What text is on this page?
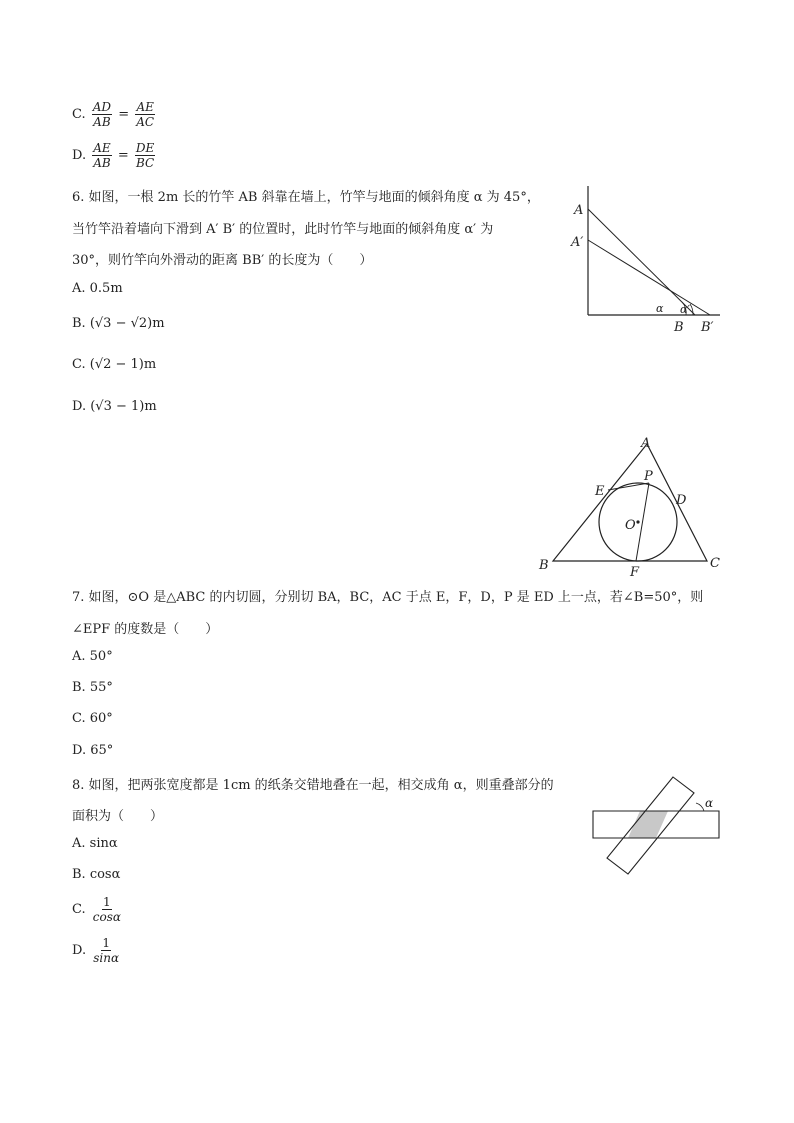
C. $\frac{AD}{AB} = \frac{AE}{AC}$
D. $\frac{AE}{AB} = \frac{DE}{BC}$
6. 如图，一根 2m 长的竹竿 AB 斜靠在墙上，竹竿与地面的倾斜角度 α 为 45°，
当竹竿沿着墙向下滑到 A′ B′ 的位置时，此时竹竿与地面的倾斜角度 α′ 为
30°，则竹竿向外滑动的距离 BB′ 的长度为（　　）
A. 0.5m
B. (√3 − √2)m
C. (√2 − 1)m
D. (√3 − 1)m
A
A′
α α′
B B′
A
B	C
D
E
F
P
O
7. 如图，⊙O 是△ABC 的内切圆，分别切 BA，BC，AC 于点 E，F，D，P 是 ED 上一点，若∠B=50°，则
∠EPF 的度数是（　　）
A. 50°
B. 55°
C. 60°
D. 65°
8. 如图，把两张宽度都是 1cm 的纸条交错地叠在一起，相交成角 α，则重叠部分的
面积为（　　）
A. sinα
B. cosα
C. $\frac{1}{\cos\alpha}$
D. $\frac{1}{\sin\alpha}$
α
